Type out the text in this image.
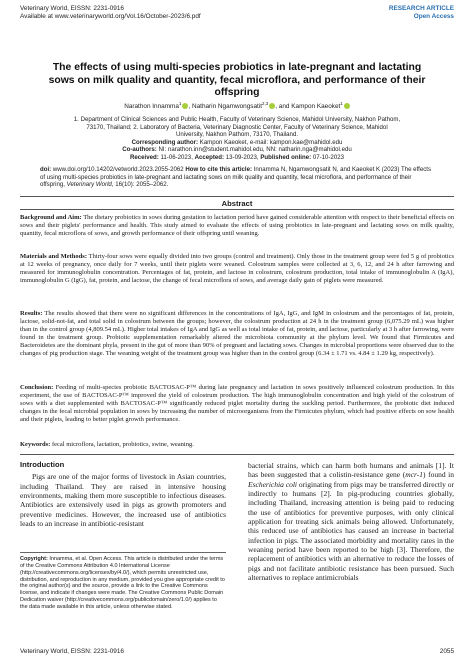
Veterinary World, EISSN: 2231-0916
Available at www.veterinaryworld.org/Vol.16/October-2023/6.pdf
RESEARCH ARTICLE
Open Access
The effects of using multi-species probiotics in late-pregnant and lactating sows on milk quality and quantity, fecal microflora, and performance of their offspring
Narathon Innamma$^1$ , Natharin Ngamwongsatit$^{2,3}$ , and Kampon Kaeoket$^1$
1. Department of Clinical Sciences and Public Health, Faculty of Veterinary Science, Mahidol University, Nakhon Pathom,
73170, Thailand; 2. Laboratory of Bacteria, Veterinary Diagnostic Center, Faculty of Veterinary Science, Mahidol
University, Nakhon Pathom, 73170, Thailand.
Corresponding author: Kampon Kaeoket, e-mail: kampon.kae@mahidol.edu
Co-authors: NI: narathon.inn@student.mahidol.edu, NN: natharin.nga@mahidol.edu
Received: 11-06-2023, Accepted: 13-09-2023, Published online: 07-10-2023
doi: www.doi.org/10.14202/vetworld.2023.2055-2062 How to cite this article: Innamma N, Ngamwongsatit N, and Kaeoket K (2023) The effects of using multi-species probiotics in late-pregnant and lactating sows on milk quality and quantity, fecal microflora, and performance of their offspring, Veterinary World, 16(10): 2055–2062.
Abstract
Background and Aim: The dietary probiotics in sows during gestation to lactation period have gained considerable attention with respect to their beneficial effects on sows and their piglets' performance and health. This study aimed to evaluate the effects of using probiotics in late-pregnant and lactating sows on milk quality, quantity, fecal microflora of sows, and growth performance of their offspring until weaning.
Materials and Methods: Thirty-four sows were equally divided into two groups (control and treatment). Only those in the treatment group were fed 5 g of probiotics at 12 weeks of pregnancy, once daily for 7 weeks, until their piglets were weaned. Colostrum samples were collected at 3, 6, 12, and 24 h after farrowing and measured for immunoglobulin concentration. Percentages of fat, protein, and lactose in colostrum, colostrum production, total intake of immunoglobulin A (IgA), immunoglobulin G (IgG), fat, protein, and lactose, the change of fecal microflora of sows, and average daily gain of piglets were measured.
Results: The results showed that there were no significant differences in the concentrations of IgA, IgG, and IgM in colostrum and the percentages of fat, protein, lactose, solid-not-fat, and total solid in colostrum between the groups; however, the colostrum production at 24 h in the treatment group (6,075.29 mL) was higher than in the control group (4,809.54 mL). Higher total intakes of IgA and IgG as well as total intake of fat, protein, and lactose, particularly at 3 h after farrowing, were found in the treatment group. Probiotic supplementation remarkably altered the microbiota community at the phylum level. We found that Firmicutes and Bacteroidetes are the dominant phyla, present in the gut of more than 90% of pregnant and lactating sows. Changes in microbial proportions were observed due to the changes of pig production stage. The weaning weight of the treatment group was higher than in the control group (6.34 ± 1.71 vs. 4.84 ± 1.29 kg, respectively).
Conclusion: Feeding of multi-species probiotic BACTOSAC-P™ during late pregnancy and lactation in sows positively influenced colostrum production. In this experiment, the use of BACTOSAC-P™ improved the yield of colostrum production. The high immunoglobulin concentration and high yield of the colostrum of sows with a diet supplemented with BACTOSAC-P™ significantly reduced piglet mortality during the suckling period. Furthermore, the probiotic diet induced changes in the fecal microbial population in sows by increasing the number of microorganisms from the Firmicutes phylum, which had positive effects on sow health and their piglets, leading to better piglet growth performance.
Keywords: fecal microflora, lactation, probiotics, swine, weaning.
Introduction
Pigs are one of the major forms of livestock in Asian countries, including Thailand. They are raised in intensive housing environments, making them more susceptible to infectious diseases. Antibiotics are extensively used in pigs as growth promoters and preventive medicines. However, the increased use of antibiotics leads to an increase in antibiotic-resistant
bacterial strains, which can harm both humans and animals [1]. It has been suggested that a colistin-resistance gene (mcr-1) found in Escherichia coli originating from pigs may be transferred directly or indirectly to humans [2]. In pig-producing countries globally, including Thailand, increasing attention is being paid to reducing the use of antibiotics for preventive purposes, with only clinical application for treating sick animals being allowed. Unfortunately, this reduced use of antibiotics has caused an increase in bacterial infection in pigs. The associated morbidity and mortality rates in the weaning period have been reported to be high [3]. Therefore, the replacement of antibiotics with an alternative to reduce the losses of pigs and not facilitate antibiotic resistance has been pursued. Such alternatives to replace antimicrobials
Copyright: Innamma, et al. Open Access. This article is distributed under the terms of the Creative Commons Attribution 4.0 International License (http://creativecommons.org/licenses/by/4.0/), which permits unrestricted use, distribution, and reproduction in any medium, provided you give appropriate credit to the original author(s) and the source, provide a link to the Creative Commons license, and indicate if changes were made. The Creative Commons Public Domain Dedication waiver (http://creativecommons.org/publicdomain/zero/1.0/) applies to the data made available in this article, unless otherwise stated.
Veterinary World, EISSN: 2231-0916	2055
